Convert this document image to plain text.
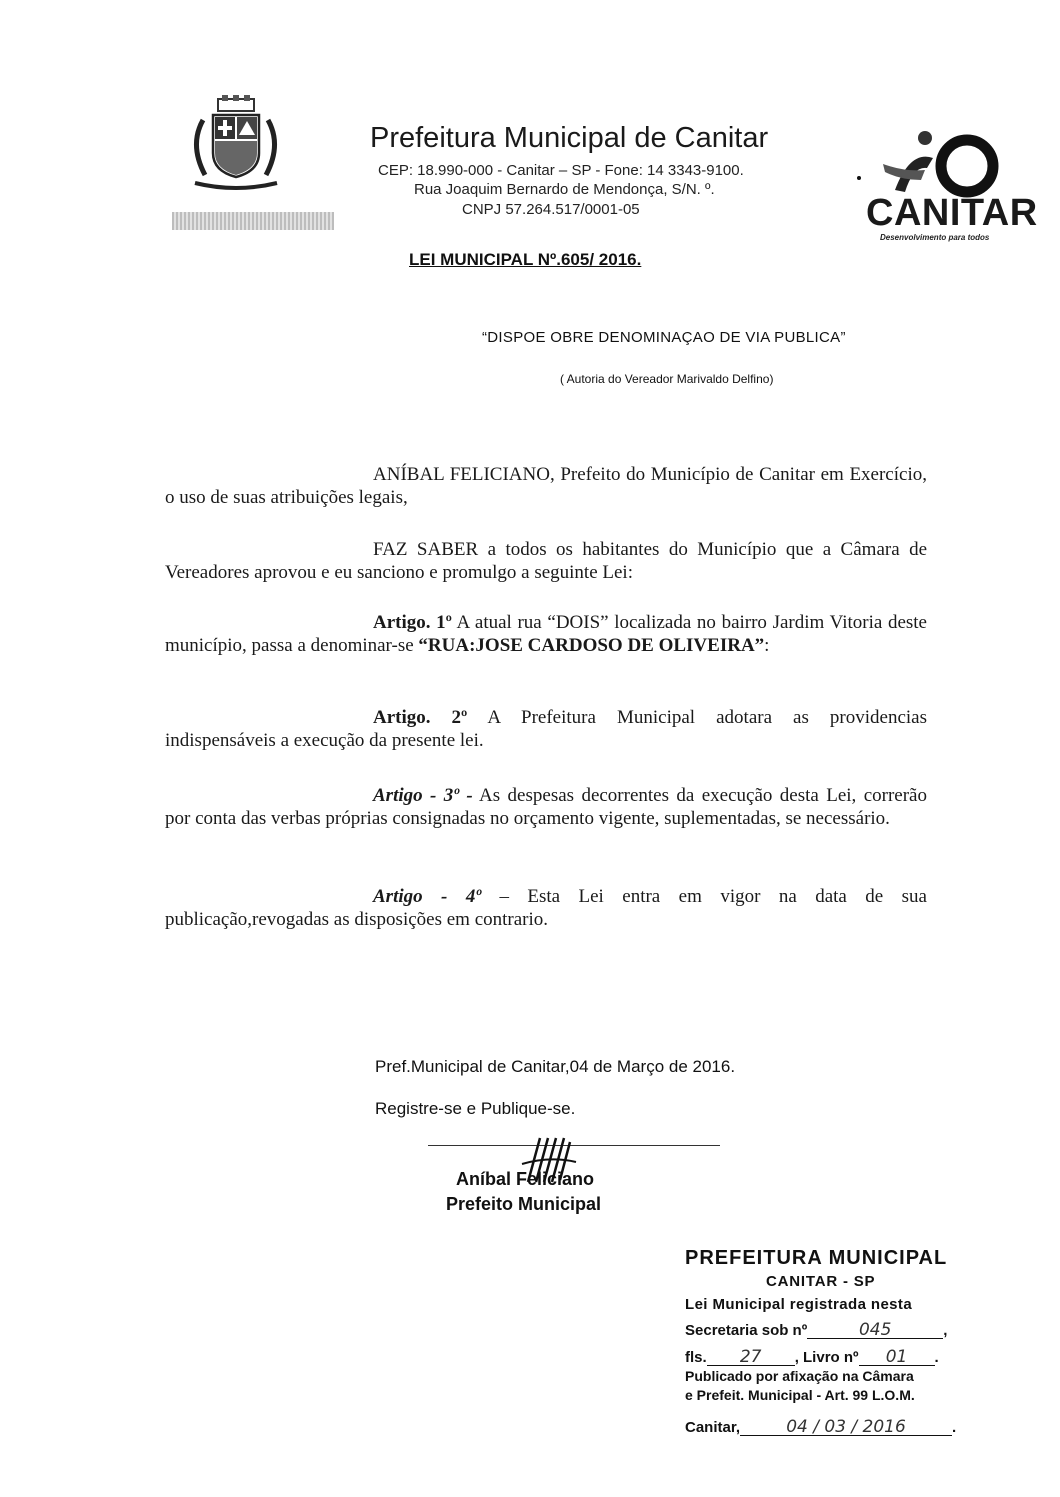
Prefeitura Municipal de Canitar
CEP: 18.990-000 - Canitar – SP - Fone: 14 3343-9100.
Rua Joaquim Bernardo de Mendonça, S/N. º.
CNPJ 57.264.517/0001-05	CANITAR
Desenvolvimento para todos
LEI MUNICIPAL Nº.605/ 2016.
“DISPOE OBRE DENOMINAÇAO DE VIA PUBLICA”
( Autoria do Vereador Marivaldo Delfino)
ANÍBAL FELICIANO, Prefeito do Município de Canitar em Exercício, o uso de suas atribuições legais,
FAZ SABER a todos os habitantes do Município que a Câmara de Vereadores aprovou e eu sanciono e promulgo a seguinte Lei:
Artigo. 1º A atual rua “DOIS” localizada no bairro Jardim Vitoria deste município, passa a denominar-se “RUA:JOSE CARDOSO DE OLIVEIRA”:
Artigo. 2º A Prefeitura Municipal adotara as providencias indispensáveis a execução da presente lei.
Artigo - 3º - As despesas decorrentes da execução desta Lei, correrão por conta das verbas próprias consignadas no orçamento vigente, suplementadas, se necessário.
Artigo - 4º – Esta Lei entra em vigor na data de sua publicação,revogadas as disposições em contrario.
Pref.Municipal de Canitar,04 de Março de 2016.
Registre-se e Publique-se.
Aníbal Feliciano
Prefeito Municipal
PREFEITURA MUNICIPAL
CANITAR - SP
Lei Municipal registrada nesta
Secretaria sob nº	045	,
fls. 27 , Livro nº 01 .
Publicado por afixação na Câmara
e Prefeit. Municipal - Art. 99 L.O.M.
Canitar,	04 / 03 / 2016	.
